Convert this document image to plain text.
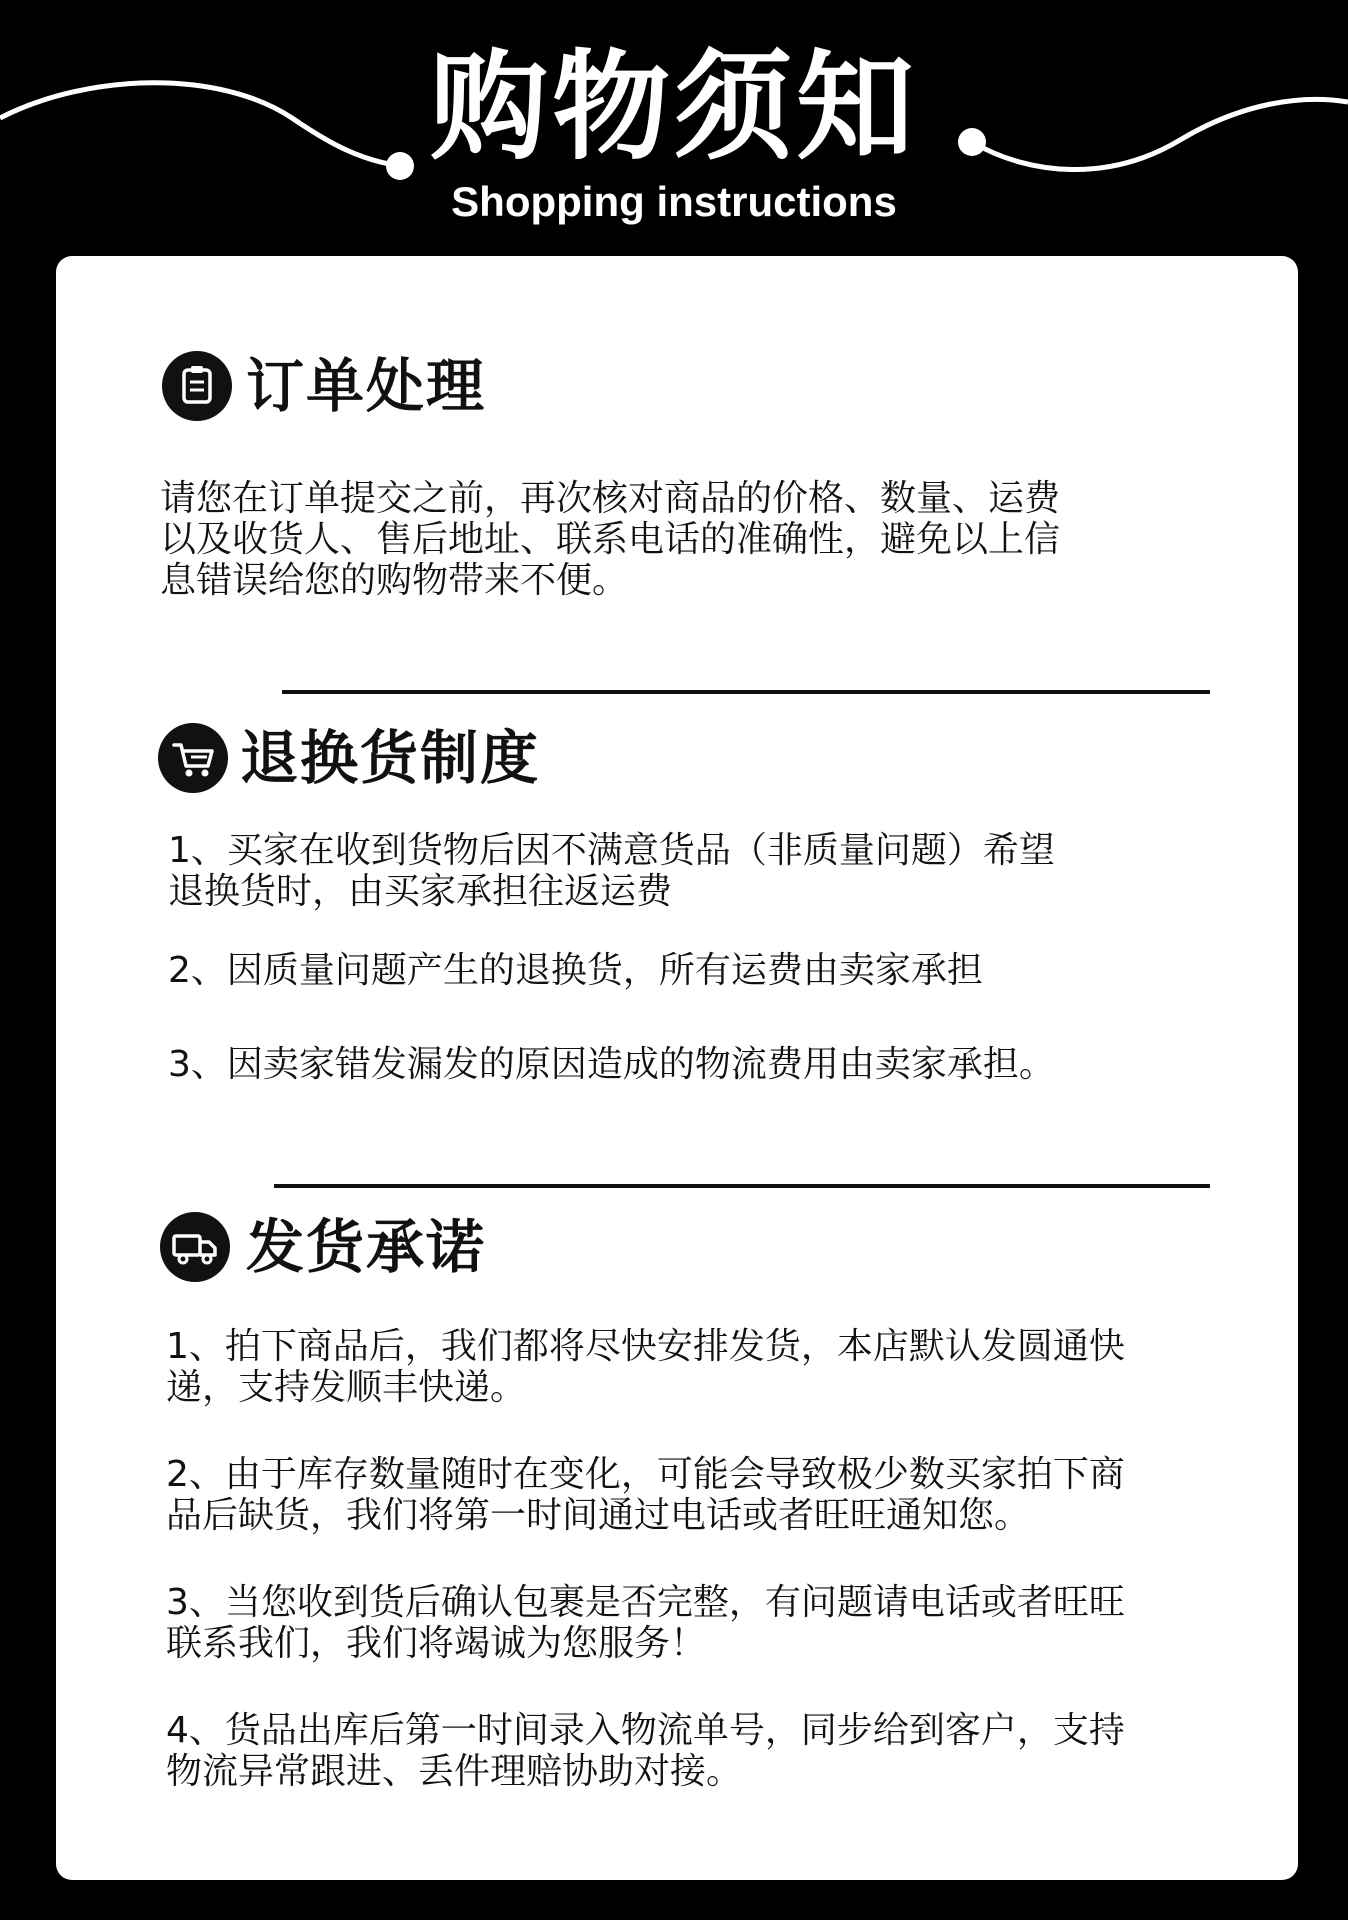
购物须知
Shopping instructions
订单处理
请您在订单提交之前，再次核对商品的价格、数量、运费
以及收货人、售后地址、联系电话的准确性，避免以上信
息错误给您的购物带来不便。
退换货制度
1、买家在收到货物后因不满意货品（非质量问题）希望
退换货时，由买家承担往返运费
2、因质量问题产生的退换货，所有运费由卖家承担
3、因卖家错发漏发的原因造成的物流费用由卖家承担。
发货承诺
1、拍下商品后，我们都将尽快安排发货，本店默认发圆通快
递，支持发顺丰快递。
2、由于库存数量随时在变化，可能会导致极少数买家拍下商
品后缺货，我们将第一时间通过电话或者旺旺通知您。
3、当您收到货后确认包裹是否完整，有问题请电话或者旺旺
联系我们，我们将竭诚为您服务！
4、货品出库后第一时间录入物流单号，同步给到客户，支持
物流异常跟进、丢件理赔协助对接。
